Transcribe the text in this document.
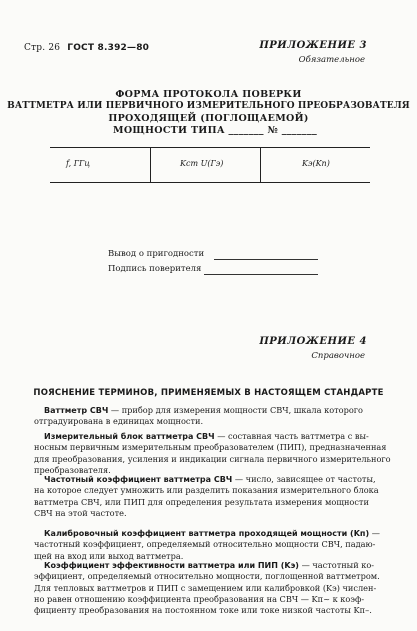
Стр. 26 ГОСТ 8.392—80	ПРИЛОЖЕНИЕ 3
Обязательное
ФОРМА ПРОТОКОЛА ПОВЕРКИ
ВАТТМЕТРА ИЛИ ПЕРВИЧНОГО ИЗМЕРИТЕЛЬНОГО ПРЕОБРАЗОВАТЕЛЯ
ПРОХОДЯЩЕЙ (ПОГЛОЩАЕМОЙ)
МОЩНОСТИ ТИПА _______ № _______
f, ГГц	Kст U(Гэ)	Kэ(Kп)
Вывод о пригодности
Подпись поверителя
ПРИЛОЖЕНИЕ 4
Справочное
ПОЯСНЕНИЕ ТЕРМИНОВ, ПРИМЕНЯЕМЫХ В НАСТОЯЩЕМ СТАНДАРТЕ
Ваттметр СВЧ — прибор для измерения мощности СВЧ, шкала которого
отградуирована в единицах мощности.
Измерительный блок ваттметра СВЧ — составная часть ваттметра с вы-
носным первичным измерительным преобразователем (ПИП), предназначенная
для преобразования, усиления и индикации сигнала первичного измерительного
преобразователя.
Частотный коэффициент ваттметра СВЧ — число, зависящее от частоты,
на которое следует умножить или разделить показания измерительного блока
ваттметра СВЧ, или ПИП для определения результата измерения мощности
СВЧ на этой частоте.
Калибровочный коэффициент ваттметра проходящей мощности (Kп) —
частотный коэффициент, определяемый относительно мощности СВЧ, падаю-
щей на вход или выход ваттметра.
Коэффициент эффективности ваттметра или ПИП (Kэ) — частотный ко-
эффициент, определяемый относительно мощности, поглощенной ваттметром.
Для тепловых ваттметров и ПИП с замещением или калибровкой (Kэ) числен-
но равен отношению коэффициента преобразования на СВЧ — Kп~ к коэф-
фициенту преобразования на постоянном токе или токе низкой частоты Kп–.
